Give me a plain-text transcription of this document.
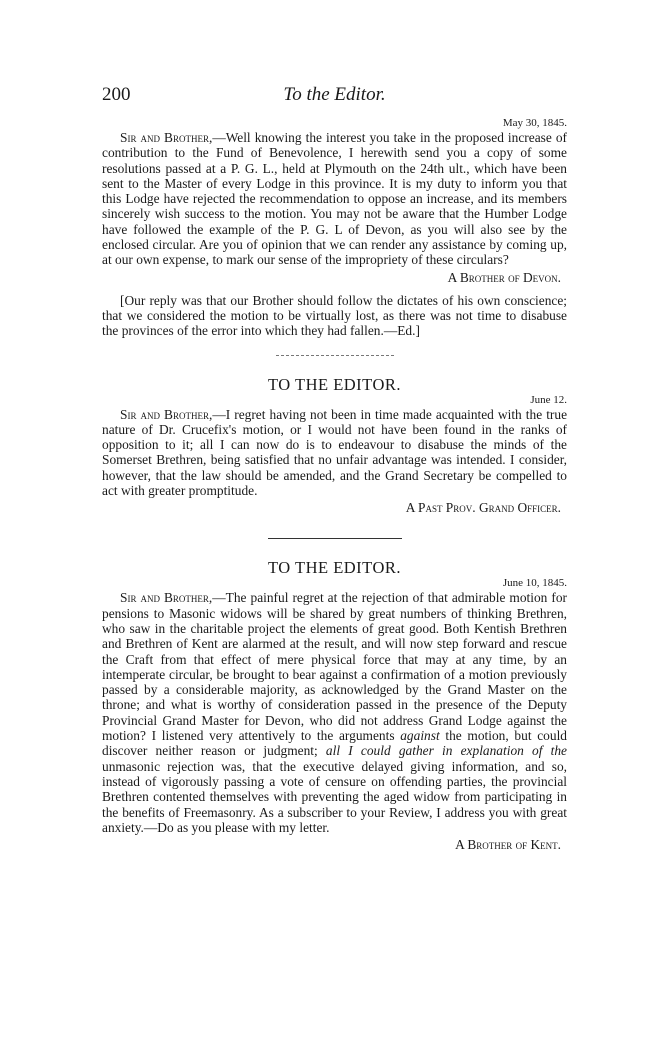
200	To the Editor.

May 30, 1845.

Sir and Brother,—Well knowing the interest you take in the proposed increase of contribution to the Fund of Benevolence, I herewith send you a copy of some resolutions passed at a P. G. L., held at Plymouth on the 24th ult., which have been sent to the Master of every Lodge in this province. It is my duty to inform you that this Lodge have rejected the recommendation to oppose an increase, and its members sincerely wish success to the motion. You may not be aware that the Humber Lodge have followed the example of the P. G. L of Devon, as you will also see by the enclosed circular. Are you of opinion that we can render any assistance by coming up, at our own expense, to mark our sense of the impropriety of these circulars?

A Brother of Devon.

[Our reply was that our Brother should follow the dictates of his own conscience; that we considered the motion to be virtually lost, as there was not time to disabuse the provinces of the error into which they had fallen.—Ed.]

TO THE EDITOR.

June 12.

Sir and Brother,—I regret having not been in time made acquainted with the true nature of Dr. Crucefix's motion, or I would not have been found in the ranks of opposition to it; all I can now do is to endeavour to disabuse the minds of the Somerset Brethren, being satisfied that no unfair advantage was intended. I consider, however, that the law should be amended, and the Grand Secretary be compelled to act with greater promptitude.

A Past Prov. Grand Officer.

TO THE EDITOR.

June 10, 1845.

Sir and Brother,—The painful regret at the rejection of that admirable motion for pensions to Masonic widows will be shared by great numbers of thinking Brethren, who saw in the charitable project the elements of great good. Both Kentish Brethren and Brethren of Kent are alarmed at the result, and will now step forward and rescue the Craft from that effect of mere physical force that may at any time, by an intemperate circular, be brought to bear against a confirmation of a motion previously passed by a considerable majority, as acknowledged by the Grand Master on the throne; and what is worthy of consideration passed in the presence of the Deputy Provincial Grand Master for Devon, who did not address Grand Lodge against the motion? I listened very attentively to the arguments against the motion, but could discover neither reason or judgment; all I could gather in explanation of the unmasonic rejection was, that the executive delayed giving information, and so, instead of vigorously passing a vote of censure on offending parties, the provincial Brethren contented themselves with preventing the aged widow from participating in the benefits of Freemasonry. As a subscriber to your Review, I address you with great anxiety.—Do as you please with my letter.

A Brother of Kent.
